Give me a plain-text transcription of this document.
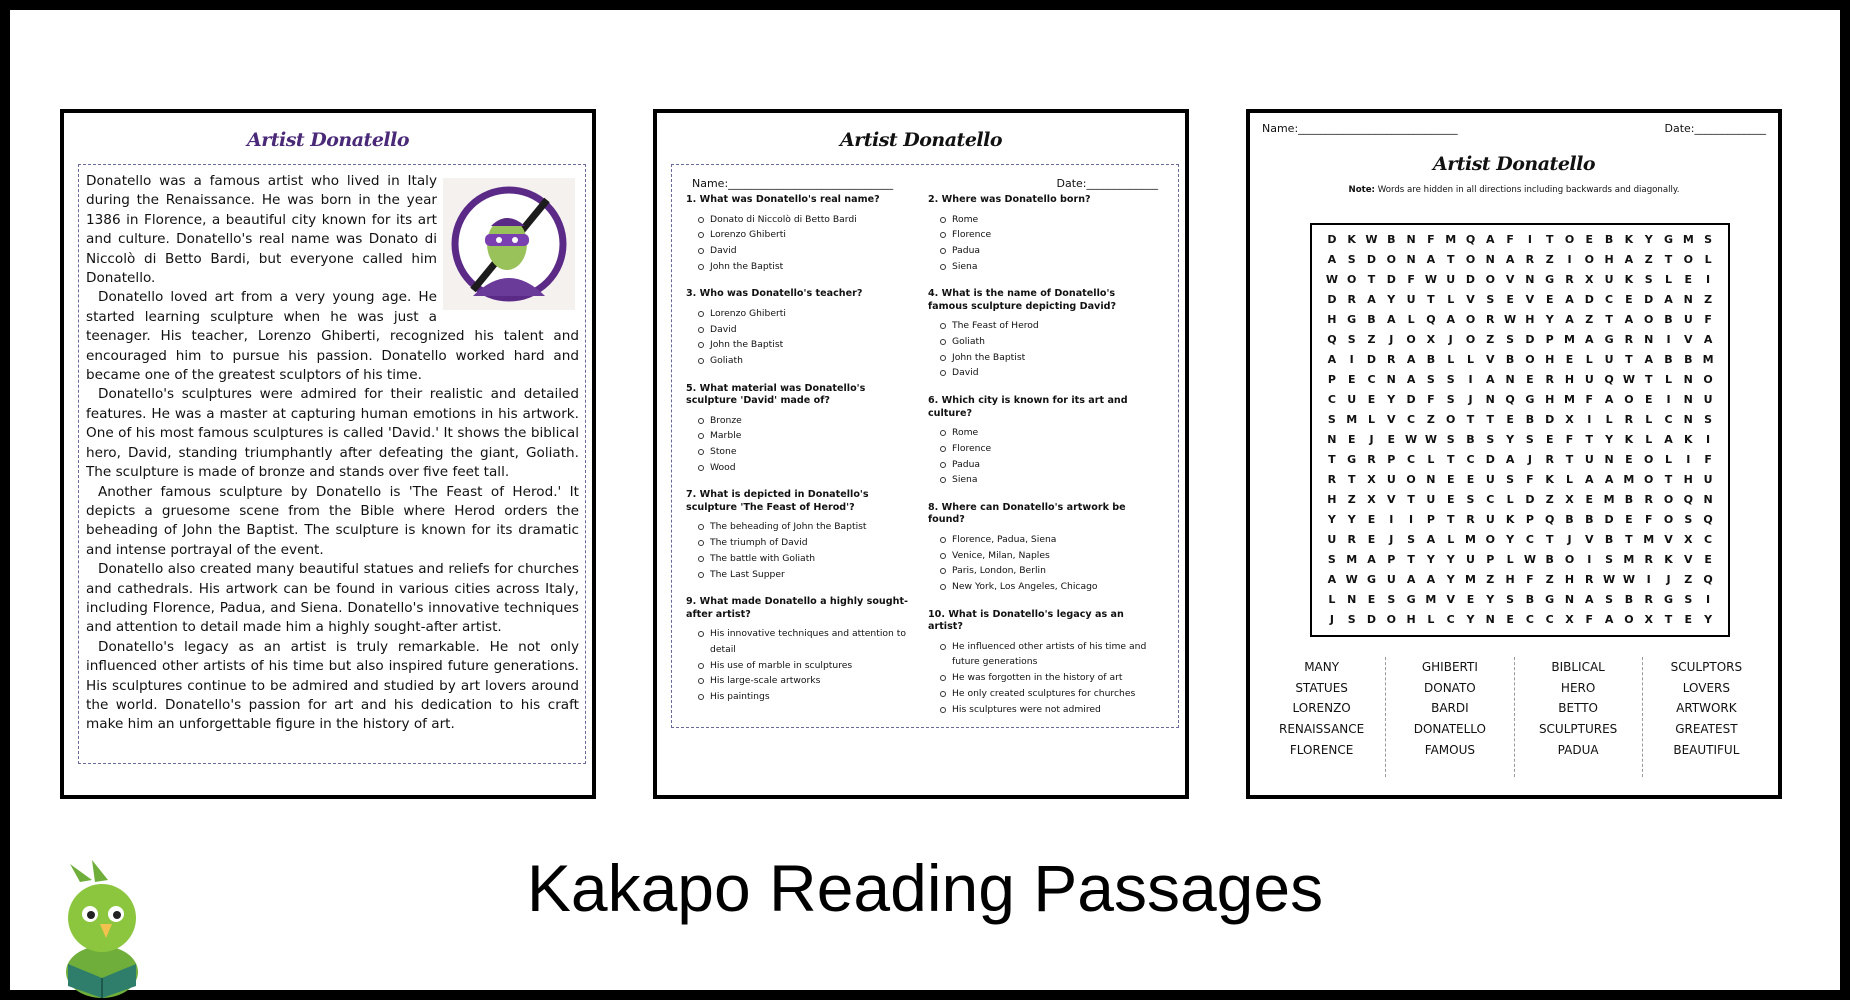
Artist Donatello

Donatello was a famous artist who lived in Italy during the Renaissance. He was born in the year 1386 in Florence, a beautiful city known for its art and culture. Donatello's real name was Donato di Niccolò di Betto Bardi, but everyone called him Donatello.

Donatello loved art from a very young age. He started learning sculpture when he was just a teenager. His teacher, Lorenzo Ghiberti, recognized his talent and encouraged him to pursue his passion. Donatello worked hard and became one of the greatest sculptors of his time.

Donatello's sculptures were admired for their realistic and detailed features. He was a master at capturing human emotions in his artwork. One of his most famous sculptures is called 'David.' It shows the biblical hero, David, standing triumphantly after defeating the giant, Goliath. The sculpture is made of bronze and stands over five feet tall.

Another famous sculpture by Donatello is 'The Feast of Herod.' It depicts a gruesome scene from the Bible where Herod orders the beheading of John the Baptist. The sculpture is known for its dramatic and intense portrayal of the event.

Donatello also created many beautiful statues and reliefs for churches and cathedrals. His artwork can be found in various cities across Italy, including Florence, Padua, and Siena. Donatello's innovative techniques and attention to detail made him a highly sought-after artist.

Donatello's legacy as an artist is truly remarkable. He not only influenced other artists of his time but also inspired future generations. His sculptures continue to be admired and studied by art lovers around the world. Donatello's passion for art and his dedication to his craft make him an unforgettable figure in the history of art.

Artist Donatello
Name:______________________________	Date:_____________
1. What was Donatello's real name?
Donato di Niccolò di Betto Bardi
Lorenzo Ghiberti
David
John the Baptist
3. Who was Donatello's teacher?
Lorenzo Ghiberti
David
John the Baptist
Goliath
5. What material was Donatello's sculpture 'David' made of?
Bronze
Marble
Stone
Wood
7. What is depicted in Donatello's sculpture 'The Feast of Herod'?
The beheading of John the Baptist
The triumph of David
The battle with Goliath
The Last Supper
9. What made Donatello a highly sought-after artist?
His innovative techniques and attention to detail
His use of marble in sculptures
His large-scale artworks
His paintings
2. Where was Donatello born?
Rome
Florence
Padua
Siena
4. What is the name of Donatello's famous sculpture depicting David?
The Feast of Herod
Goliath
John the Baptist
David
6. Which city is known for its art and culture?
Rome
Florence
Padua
Siena
8. Where can Donatello's artwork be found?
Florence, Padua, Siena
Venice, Milan, Naples
Paris, London, Berlin
New York, Los Angeles, Chicago
10. What is Donatello's legacy as an artist?
He influenced other artists of his time and future generations
He was forgotten in the history of art
He only created sculptures for churches
His sculptures were not admired
Name:_____________________________	Date:_____________
Artist Donatello
Note: Words are hidden in all directions including backwards and diagonally.
D K W B N	F M Q A	F	I	T	O	E	B	K	Y	G M S
A	S	D O N A	T	O N A	R	Z	I	O H A	Z	T	O	L
W O	T	D	F W U D O V N G	R	X	U	K	S	L	E	I
D R	A	Y	U	T	L	V	S	E	V	E	A D	C	E	D A N	Z
H G	B	A	L	Q A O R W H	Y	A	Z	T	A O B	U	F
Q	S	Z	J	O X	J	O	Z	S	D	P M A	G	R N	I	V	A
A	I	D R	A	B	L	L	V	B O H	E	L	U	T	A	B	B M
P	E	C	N A	S	S	I	A N	E	R H U Q W T	L	N O
C	U	E	Y	D	F	S	J	N Q G H M F	A O	E	I	N U
S M L	V	C	Z	O	T	T	E	B	D X	I	L	R	L	C	N	S
N	E	J	E W W S	B	S	Y	S	E	F	T	Y	K	L	A	K	I
T	G	R	P	C	L	T	C	D A	J	R	T	U N	E	O	L	I	F
R	T	X	U O N	E	E	U	S	F	K	L	A	A M O	T	H U
H	Z	X	V	T	U	E	S	C	L	D	Z	X	E M B	R O Q N
Y	Y	E	I	I	P	T	R	U	K	P	Q B	B	D	E	F	O	S	Q
U	R	E	J	S	A	L M O	Y	C	T	J	V	B	T M V	X	C
S M A	P	T	Y	Y	U	P	L W B O	I	S M R	K	V	E
A W G U	A	A	Y M Z	H	F	Z	H R W W	I	J	Z	Q
L	N	E	S	G M V	E	Y	S	B	G N A	S	B	R	G	S	I
J	S	D O H	L	C	Y	N	E	C	C	X	F	A O X	T	E	Y
MANY
STATUES
LORENZO
RENAISSANCE
FLORENCE
GHIBERTI
DONATO
BARDI
DONATELLO
FAMOUS
BIBLICAL
HERO
BETTO
SCULPTURES
PADUA
SCULPTORS
LOVERS
ARTWORK
GREATEST
BEAUTIFUL
Kakapo Reading Passages
